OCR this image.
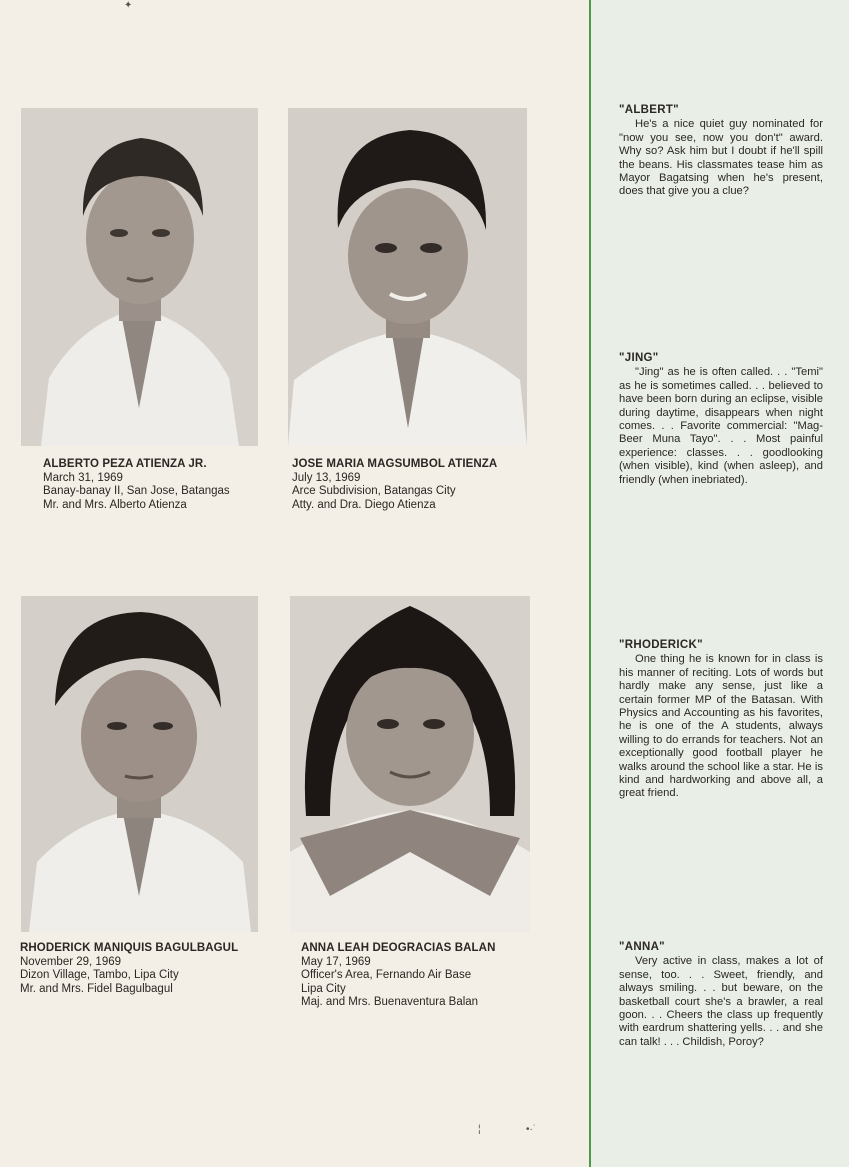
ALBERTO PEZA ATIENZA JR.
March 31, 1969
Banay-banay II, San Jose, Batangas
Mr. and Mrs. Alberto Atienza
JOSE MARIA MAGSUMBOL ATIENZA
July 13, 1969
Arce Subdivision, Batangas City
Atty. and Dra. Diego Atienza
RHODERICK MANIQUIS BAGULBAGUL
November 29, 1969
Dizon Village, Tambo, Lipa City
Mr. and Mrs. Fidel Bagulbagul
ANNA LEAH DEOGRACIAS BALAN
May 17, 1969
Officer's Area, Fernando Air Base
Lipa City
Maj. and Mrs. Buenaventura Balan
"ALBERT"
He's a nice quiet guy nominated for "now you see, now you don't" award. Why so? Ask him but I doubt if he'll spill the beans. His classmates tease him as Mayor Bagatsing when he's present, does that give you a clue?
"JING"
"Jing" as he is often called. . . "Temi" as he is sometimes called. . . believed to have been born during an eclipse, visible during daytime, disappears when night comes. . . Favorite commercial: "Mag-Beer Muna Tayo". . . Most painful experience: classes. . . goodlooking (when visible), kind (when asleep), and friendly (when inebriated).
"RHODERICK"
One thing he is known for in class is his manner of reciting. Lots of words but hardly make any sense, just like a certain former MP of the Batasan. With Physics and Accounting as his favorites, he is one of the A students, always willing to do errands for teachers. Not an exceptionally good football player he walks around the school like a star. He is kind and hardworking and above all, a great friend.
"ANNA"
Very active in class, makes a lot of sense, too. . . Sweet, friendly, and always smiling. . . but beware, on the basketball court she's a brawler, a real goon. . . Cheers the class up frequently with eardrum shattering yells. . . and she can talk! . . . Childish, Poroy?
✦
¦	•·˙
